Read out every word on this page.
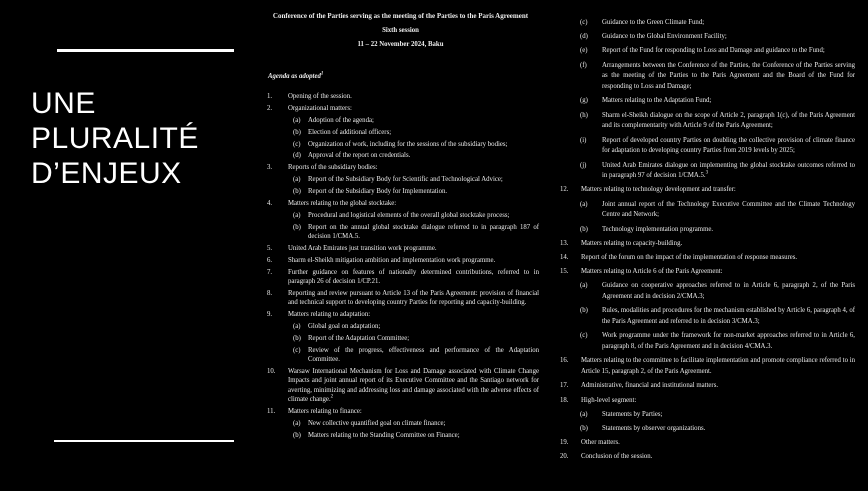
UNE
PLURALITÉ
D’ENJEUX
Conference of the Parties serving as the meeting of the Parties to the Paris Agreement
Sixth session
11 – 22 November 2024, Baku
Agenda as adopted$^1$
1.	Opening of the session.
2.	Organizational matters:
(a)	Adoption of the agenda;
(b)	Election of additional officers;
(c)	Organization of work, including for the sessions of the subsidiary bodies;
(d)	Approval of the report on credentials.
3.	Reports of the subsidiary bodies:
(a)	Report of the Subsidiary Body for Scientific and Technological Advice;
(b)	Report of the Subsidiary Body for Implementation.
4.	Matters relating to the global stocktake:
(a)	Procedural and logistical elements of the overall global stocktake process;
(b)	Report on the annual global stocktake dialogue referred to in paragraph 187 of decision 1/CMA.5.
5.	United Arab Emirates just transition work programme.
6.	Sharm el-Sheikh mitigation ambition and implementation work programme.
7.	Further guidance on features of nationally determined contributions, referred to in paragraph 26 of decision 1/CP.21.
8.	Reporting and review pursuant to Article 13 of the Paris Agreement: provision of financial and technical support to developing country Parties for reporting and capacity-building.
9.	Matters relating to adaptation:
(a)	Global goal on adaptation;
(b)	Report of the Adaptation Committee;
(c)	Review of the progress, effectiveness and performance of the Adaptation Committee.
10.	Warsaw International Mechanism for Loss and Damage associated with Climate Change Impacts and joint annual report of its Executive Committee and the Santiago network for averting, minimizing and addressing loss and damage associated with the adverse effects of climate change.$^2$
11.	Matters relating to finance:
(a)	New collective quantified goal on climate finance;
(b)	Matters relating to the Standing Committee on Finance;
(c)	Guidance to the Green Climate Fund;
(d)	Guidance to the Global Environment Facility;
(e)	Report of the Fund for responding to Loss and Damage and guidance to the Fund;
(f)	Arrangements between the Conference of the Parties, the Conference of the Parties serving as the meeting of the Parties to the Paris Agreement and the Board of the Fund for responding to Loss and Damage;
(g)	Matters relating to the Adaptation Fund;
(h)	Sharm el-Sheikh dialogue on the scope of Article 2, paragraph 1(c), of the Paris Agreement and its complementarity with Article 9 of the Paris Agreement;
(i)	Report of developed country Parties on doubling the collective provision of climate finance for adaptation to developing country Parties from 2019 levels by 2025;
(j)	United Arab Emirates dialogue on implementing the global stocktake outcomes referred to in paragraph 97 of decision 1/CMA.5.$^3$
12.	Matters relating to technology development and transfer:
(a)	Joint annual report of the Technology Executive Committee and the Climate Technology Centre and Network;
(b)	Technology implementation programme.
13.	Matters relating to capacity-building.
14.	Report of the forum on the impact of the implementation of response measures.
15.	Matters relating to Article 6 of the Paris Agreement:
(a)	Guidance on cooperative approaches referred to in Article 6, paragraph 2, of the Paris Agreement and in decision 2/CMA.3;
(b)	Rules, modalities and procedures for the mechanism established by Article 6, paragraph 4, of the Paris Agreement and referred to in decision 3/CMA.3;
(c)	Work programme under the framework for non-market approaches referred to in Article 6, paragraph 8, of the Paris Agreement and in decision 4/CMA.3.
16.	Matters relating to the committee to facilitate implementation and promote compliance referred to in Article 15, paragraph 2, of the Paris Agreement.
17.	Administrative, financial and institutional matters.
18.	High-level segment:
(a)	Statements by Parties;
(b)	Statements by observer organizations.
19.	Other matters.
20.	Conclusion of the session.
